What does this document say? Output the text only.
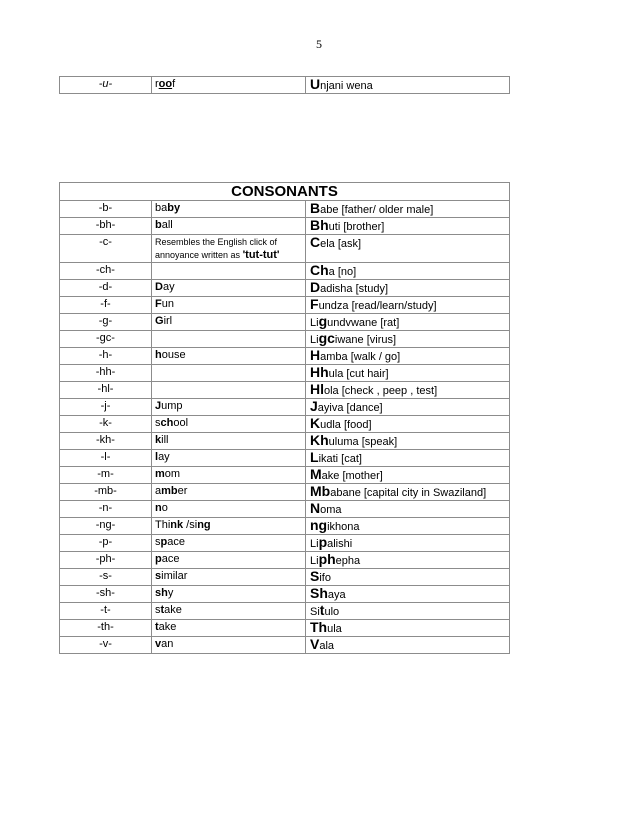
5
-u-	roof	Unjani wena
CONSONANTS		
-b-	baby	Babe [father/ older male]
-bh-	ball	Bhuti [brother]
-c-	Resembles the English click of annoyance written as 'tut-tut'	Cela [ask]
-ch-		Cha [no]
-d-	Day	Dadisha [study]
-f-	Fun	Fundza [read/learn/study]
-g-	Girl	Ligundvwane [rat]
-gc-		Ligciwane [virus]
-h-	house	Hamba [walk / go]
-hh-		Hhula [cut hair]
-hl-		Hlola [check , peep , test]
-j-	Jump	Jayiva [dance]
-k-	school	Kudla [food]
-kh-	kill	Khuluma [speak]
-l-	lay	Likati [cat]
-m-	mom	Make [mother]
-mb-	amber	Mbabane [capital city in Swaziland]
-n-	no	Noma
-ng-	Think /sing	ngikhona
-p-	space	Lipalishi
-ph-	pace	Liphepha
-s-	similar	Sifo
-sh-	shy	Shaya
-t-	stake	Situlo
-th-	take	Thula
-v-	van	Vala
